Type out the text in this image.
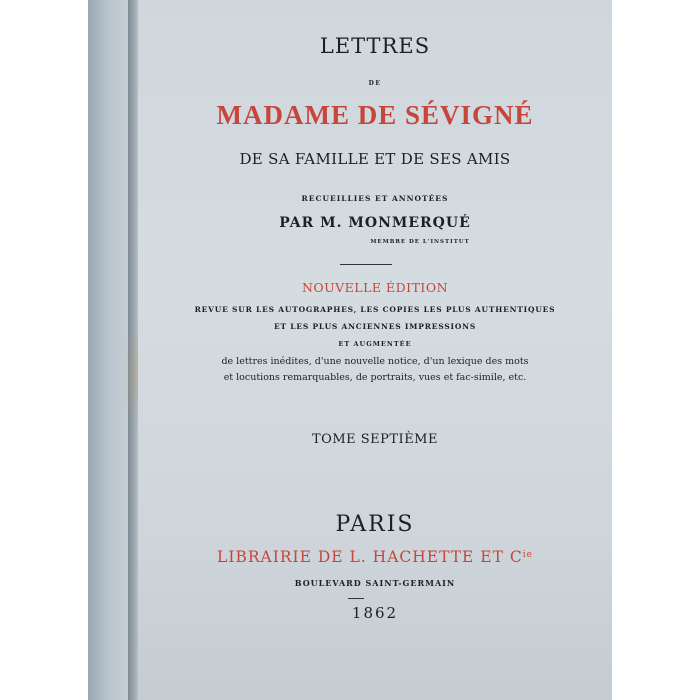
LETTRES
DE
MADAME DE SÉVIGNÉ
DE SA FAMILLE ET DE SES AMIS
RECUEILLIES ET ANNOTÉES
PAR M. MONMERQUÉ
MEMBRE DE L'INSTITUT
NOUVELLE ÉDITION
REVUE SUR LES AUTOGRAPHES, LES COPIES LES PLUS AUTHENTIQUES
ET LES PLUS ANCIENNES IMPRESSIONS
ET AUGMENTÉE
de lettres inédites, d'une nouvelle notice, d'un lexique des mots
et locutions remarquables, de portraits, vues et fac-simile, etc.
TOME SEPTIÈME
PARIS
LIBRAIRIE DE L. HACHETTE ET $C^{ie}$
BOULEVARD SAINT-GERMAIN
1862
